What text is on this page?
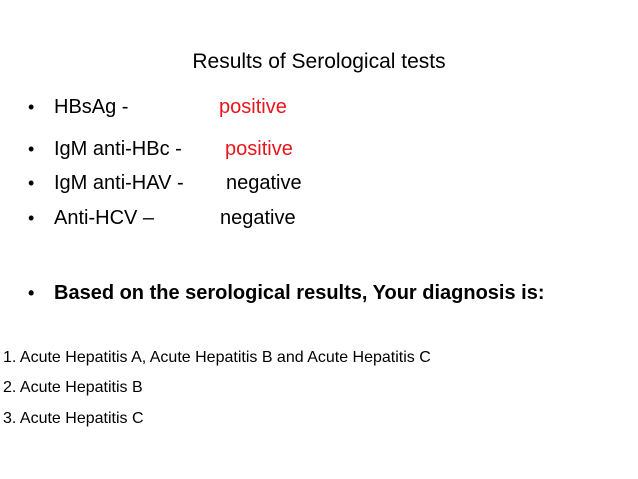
Results of Serological tests
• HBsAg -	positive
• IgM anti-HBc - positive
• IgM anti-HAV - negative
• Anti-HCV –	negative
• Based on the serological results, Your diagnosis is:
1. Acute Hepatitis A, Acute Hepatitis B and Acute Hepatitis C
2. Acute Hepatitis B
3. Acute Hepatitis C
